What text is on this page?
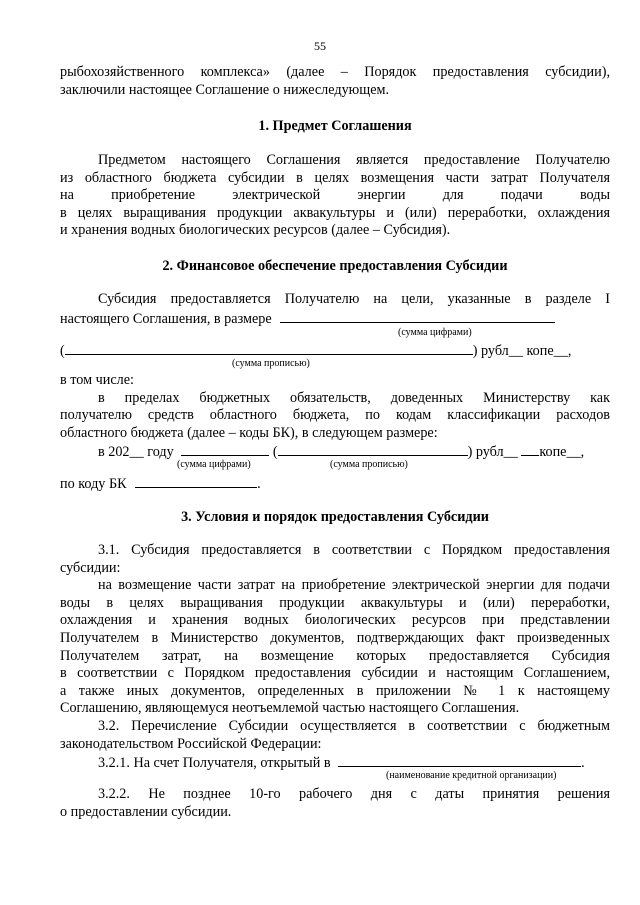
55
рыбохозяйственного комплекса» (далее – Порядок предоставления субсидии),
заключили настоящее Соглашение о нижеследующем.
1. Предмет Соглашения
Предметом настоящего Соглашения является предоставление Получателю
из областного бюджета субсидии в целях возмещения части затрат Получателя
на приобретение электрической энергии для подачи воды
в целях выращивания продукции аквакультуры и (или) переработки, охлаждения
и хранения водных биологических ресурсов (далее – Субсидия).
2. Финансовое обеспечение предоставления Субсидии
Субсидия предоставляется Получателю на цели, указанные в разделе I
настоящего Соглашения, в размере
(сумма цифрами)
(	) рубл__ копе__,
(сумма прописью)
в том числе:
в пределах бюджетных обязательств, доведенных Министерству как
получателю средств областного бюджета, по кодам классификации расходов
областного бюджета (далее – коды БК), в следующем размере:
в 202__ году	(	) рубл__ копе__,
(сумма цифрами)	(сумма прописью)
по коду БК	.
3. Условия и порядок предоставления Субсидии
3.1. Субсидия предоставляется в соответствии с Порядком предоставления
субсидии:
на возмещение части затрат на приобретение электрической энергии для подачи
воды в целях выращивания продукции аквакультуры и (или) переработки,
охлаждения и хранения водных биологических ресурсов при представлении
Получателем в Министерство документов, подтверждающих факт произведенных
Получателем затрат, на возмещение которых предоставляется Субсидия
в соответствии с Порядком предоставления субсидии и настоящим Соглашением,
а также иных документов, определенных в приложении № 1 к настоящему
Соглашению, являющемуся неотъемлемой частью настоящего Соглашения.
3.2. Перечисление Субсидии осуществляется в соответствии с бюджетным
законодательством Российской Федерации:
3.2.1. На счет Получателя, открытый в	.
(наименование кредитной организации)
3.2.2. Не позднее 10-го рабочего дня с даты принятия решения
о предоставлении субсидии.
